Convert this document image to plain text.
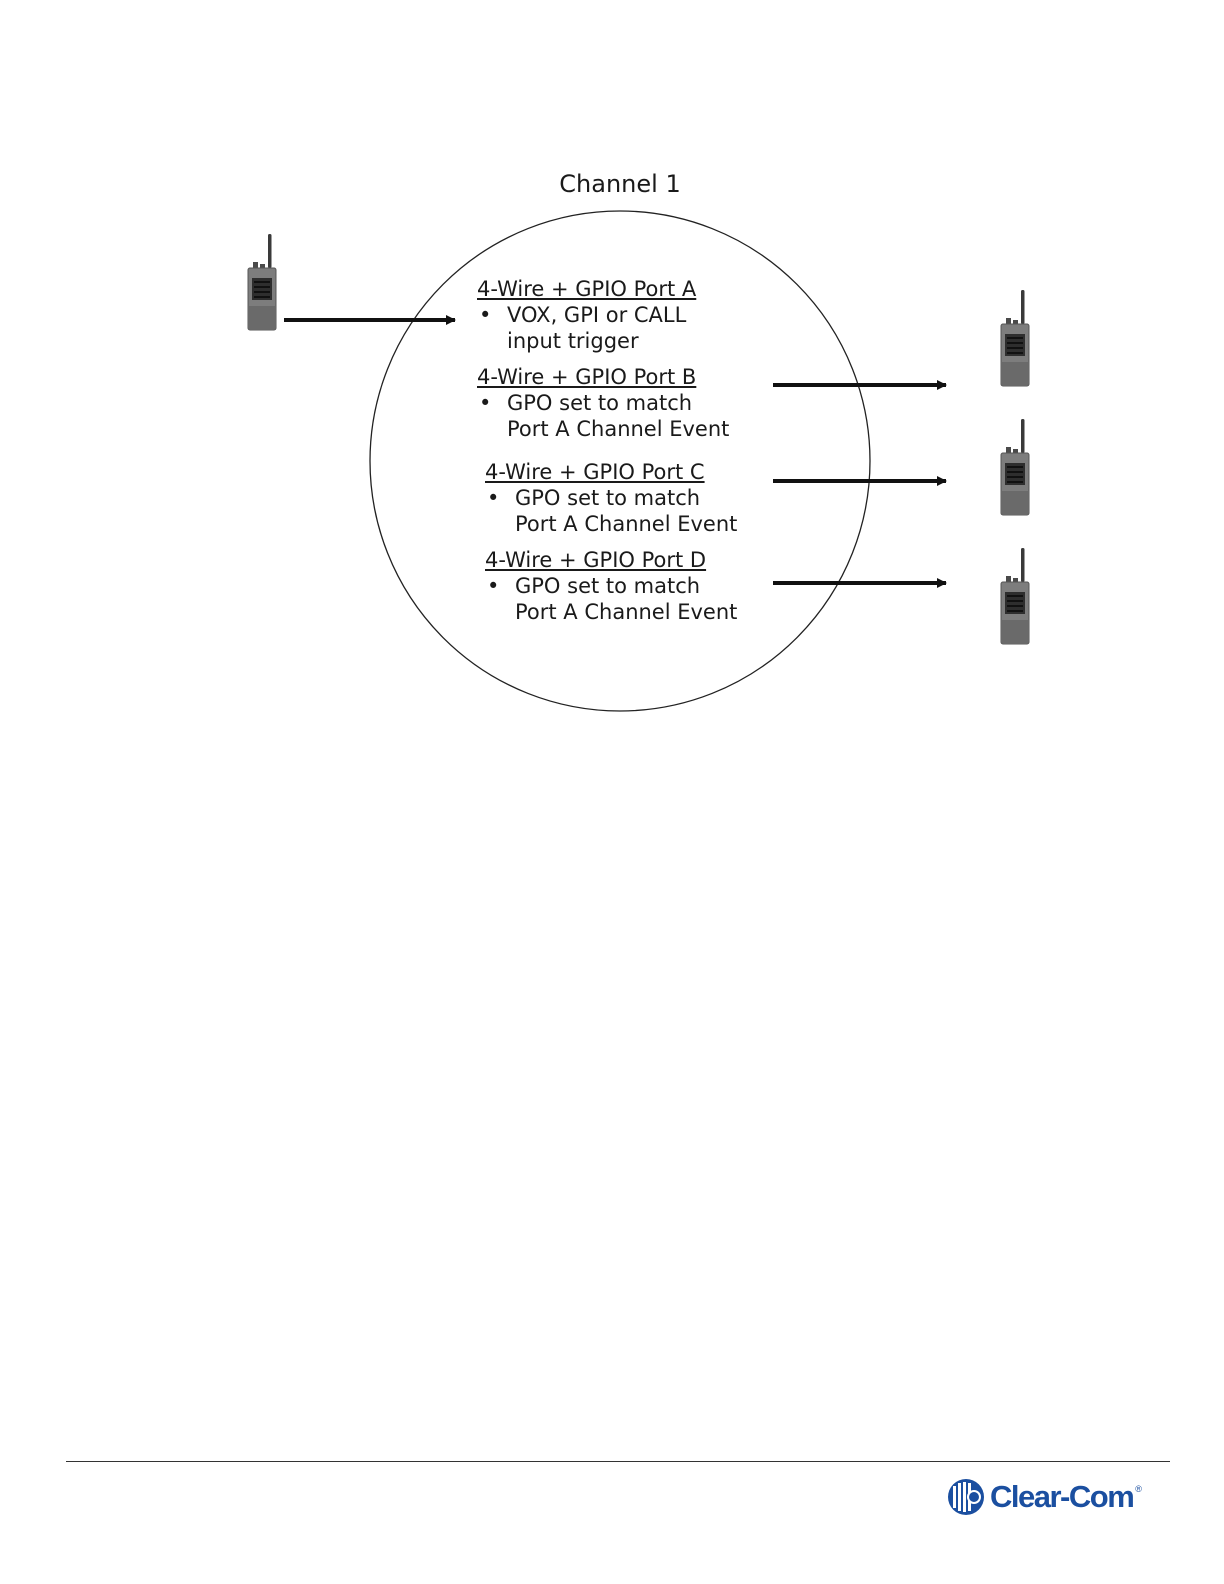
Channel 1
4-Wire + GPIO Port A
• VOX, GPI or CALL
input trigger
4-Wire + GPIO Port B
• GPO set to match
Port A Channel Event
4-Wire + GPIO Port C
• GPO set to match
Port A Channel Event
4-Wire + GPIO Port D
• GPO set to match
Port A Channel Event
Clear-Com ®
